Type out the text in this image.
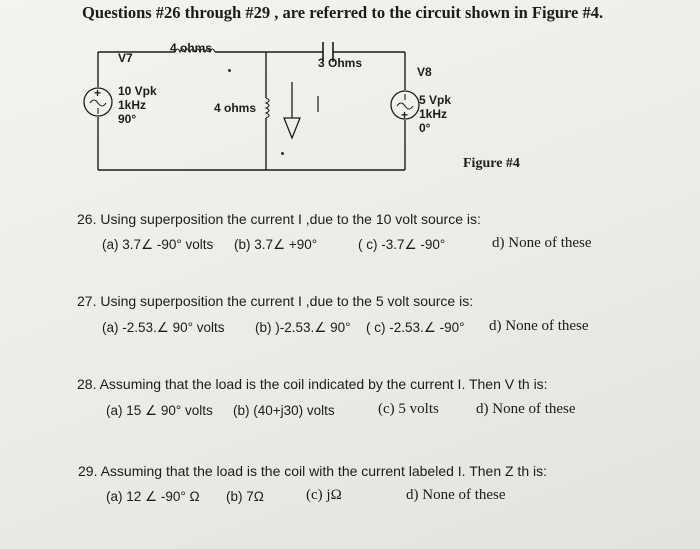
Questions #26 through #29 , are referred to the circuit shown in Figure #4.
+
+
V7
4 ohms
3 Ohms
V8
10 Vpk
1kHz
90°
4 ohms
5 Vpk
1kHz
0°
I
Figure #4
26. Using superposition the current I ,due to the 10 volt source is:
(a) 3.7∠ -90° volts (b) 3.7∠ +90°	( c) -3.7∠ -90°	d) None of these
27. Using superposition the current I ,due to the 5 volt source is:
(a) -2.53.∠ 90° volts (b) )-2.53.∠ 90° ( c) -2.53.∠ -90° d) None of these
28. Assuming that the load is the coil indicated by the current I. Then V th is:
(a) 15 ∠ 90° volts (b) (40+j30) volts	(c) 5 volts d) None of these
29. Assuming that the load is the coil with the current labeled I. Then Z th is:
(a) 12 ∠ -90° Ω (b) 7Ω	(c) jΩ	d) None of these
